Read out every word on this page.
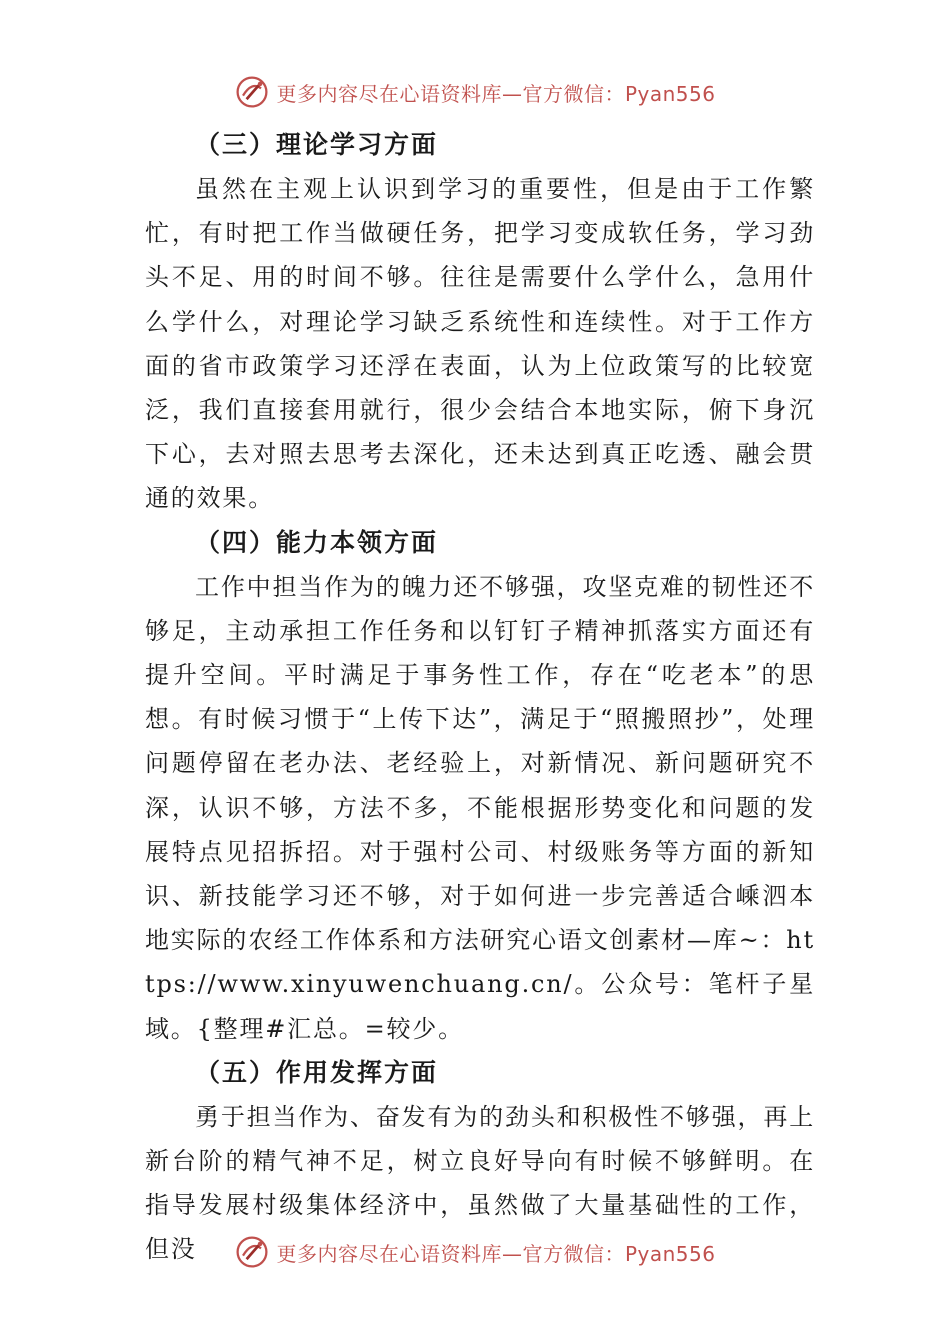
更多内容尽在心语资料库—官方微信：Pyan556
（三）理论学习方面

虽然在主观上认识到学习的重要性，但是由于工作繁忙，有时把工作当做硬任务，把学习变成软任务，学习劲头不足、用的时间不够。往往是需要什么学什么，急用什么学什么，对理论学习缺乏系统性和连续性。对于工作方面的省市政策学习还浮在表面，认为上位政策写的比较宽泛，我们直接套用就行，很少会结合本地实际，俯下身沉下心，去对照去思考去深化，还未达到真正吃透、融会贯通的效果。

（四）能力本领方面

工作中担当作为的魄力还不够强，攻坚克难的韧性还不够足，主动承担工作任务和以钉钉子精神抓落实方面还有提升空间。平时满足于事务性工作，存在“吃老本”的思想。有时候习惯于“上传下达”，满足于“照搬照抄”，处理问题停留在老办法、老经验上，对新情况、新问题研究不深，认识不够，方法不多，不能根据形势变化和问题的发展特点见招拆招。对于强村公司、村级账务等方面的新知识、新技能学习还不够，对于如何进一步完善适合嵊泗本地实际的农经工作体系和方法研究心语文创素材—库~：https://www.xinyuwenchuang.cn/。公众号：笔杆子星域。{整理#汇总。=较少。

（五）作用发挥方面

勇于担当作为、奋发有为的劲头和积极性不够强，再上新台阶的精气神不足，树立良好导向有时候不够鲜明。在指导发展村级集体经济中，虽然做了大量基础性的工作，但没	更多内容尽在心语资料库—官方微信：Pyan556
